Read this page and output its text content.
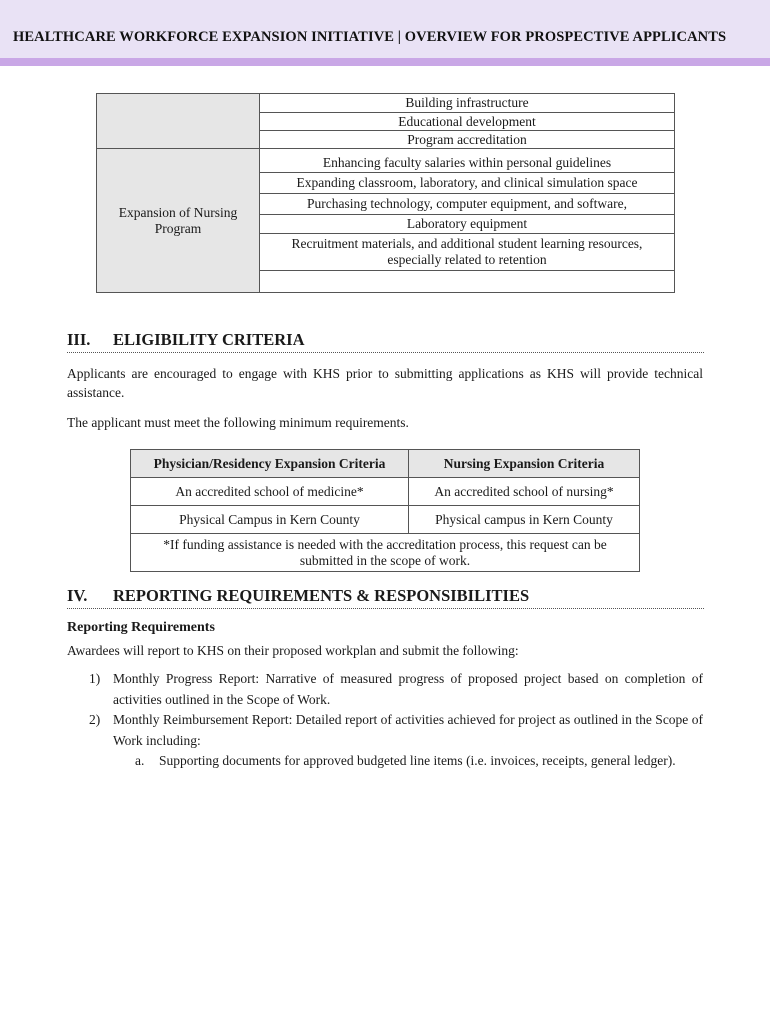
HEALTHCARE WORKFORCE EXPANSION INITIATIVE | OVERVIEW FOR PROSPECTIVE APPLICANTS
	Building infrastructure
	Educational development
	Program accreditation
Expansion of Nursing Program	Enhancing faculty salaries within personal guidelines
	Expanding classroom, laboratory, and clinical simulation space
	Purchasing technology, computer equipment, and software,
	Laboratory equipment
	Recruitment materials, and additional student learning resources, especially related to retention

III. ELIGIBILITY CRITERIA
Applicants are encouraged to engage with KHS prior to submitting applications as KHS will provide technical assistance.
The applicant must meet the following minimum requirements.
Physician/Residency Expansion Criteria	Nursing Expansion Criteria
An accredited school of medicine*	An accredited school of nursing*
Physical Campus in Kern County	Physical campus in Kern County
*If funding assistance is needed with the accreditation process, this request can be submitted in the scope of work.	
IV. REPORTING REQUIREMENTS & RESPONSIBILITIES
Reporting Requirements
Awardees will report to KHS on their proposed workplan and submit the following:
1) Monthly Progress Report: Narrative of measured progress of proposed project based on completion of activities outlined in the Scope of Work.
2) Monthly Reimbursement Report: Detailed report of activities achieved for project as outlined in the Scope of Work including:
a. Supporting documents for approved budgeted line items (i.e. invoices, receipts, general ledger).
